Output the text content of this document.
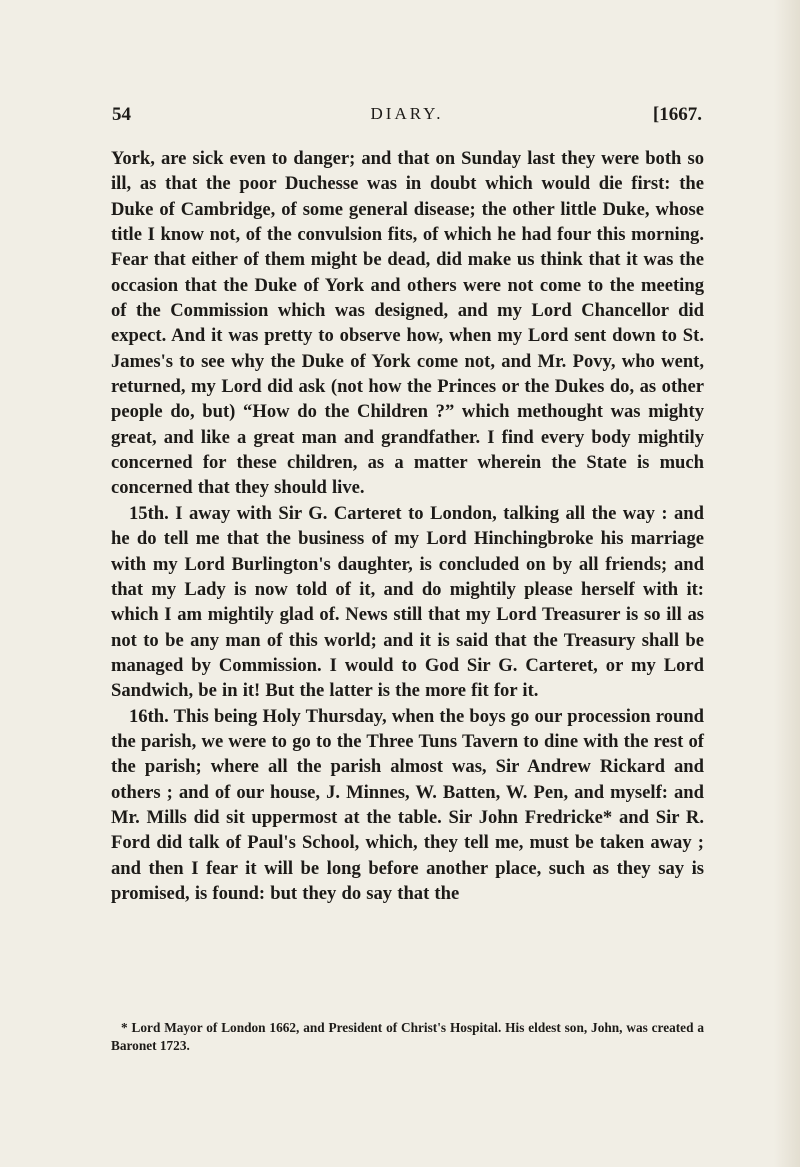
54	DIARY.	[1667.

York, are sick even to danger; and that on Sunday last they were both so ill, as that the poor Duchesse was in doubt which would die first: the Duke of Cambridge, of some general disease; the other little Duke, whose title I know not, of the convulsion fits, of which he had four this morning. Fear that either of them might be dead, did make us think that it was the occasion that the Duke of York and others were not come to the meeting of the Commission which was designed, and my Lord Chancellor did expect. And it was pretty to observe how, when my Lord sent down to St. James's to see why the Duke of York come not, and Mr. Povy, who went, returned, my Lord did ask (not how the Princes or the Dukes do, as other people do, but) “How do the Children ?” which methought was mighty great, and like a great man and grandfather. I find every body mightily concerned for these children, as a matter wherein the State is much concerned that they should live.

15th. I away with Sir G. Carteret to London, talking all the way : and he do tell me that the business of my Lord Hinchingbroke his marriage with my Lord Burlington's daughter, is concluded on by all friends; and that my Lady is now told of it, and do mightily please herself with it: which I am mightily glad of. News still that my Lord Treasurer is so ill as not to be any man of this world; and it is said that the Treasury shall be managed by Commission. I would to God Sir G. Carteret, or my Lord Sandwich, be in it! But the latter is the more fit for it.

16th. This being Holy Thursday, when the boys go our procession round the parish, we were to go to the Three Tuns Tavern to dine with the rest of the parish; where all the parish almost was, Sir Andrew Rickard and others ; and of our house, J. Minnes, W. Batten, W. Pen, and myself: and Mr. Mills did sit uppermost at the table. Sir John Fredricke* and Sir R. Ford did talk of Paul's School, which, they tell me, must be taken away ; and then I fear it will be long before another place, such as they say is promised, is found: but they do say that the

* Lord Mayor of London 1662, and President of Christ's Hospital. His eldest son, John, was created a Baronet 1723.
